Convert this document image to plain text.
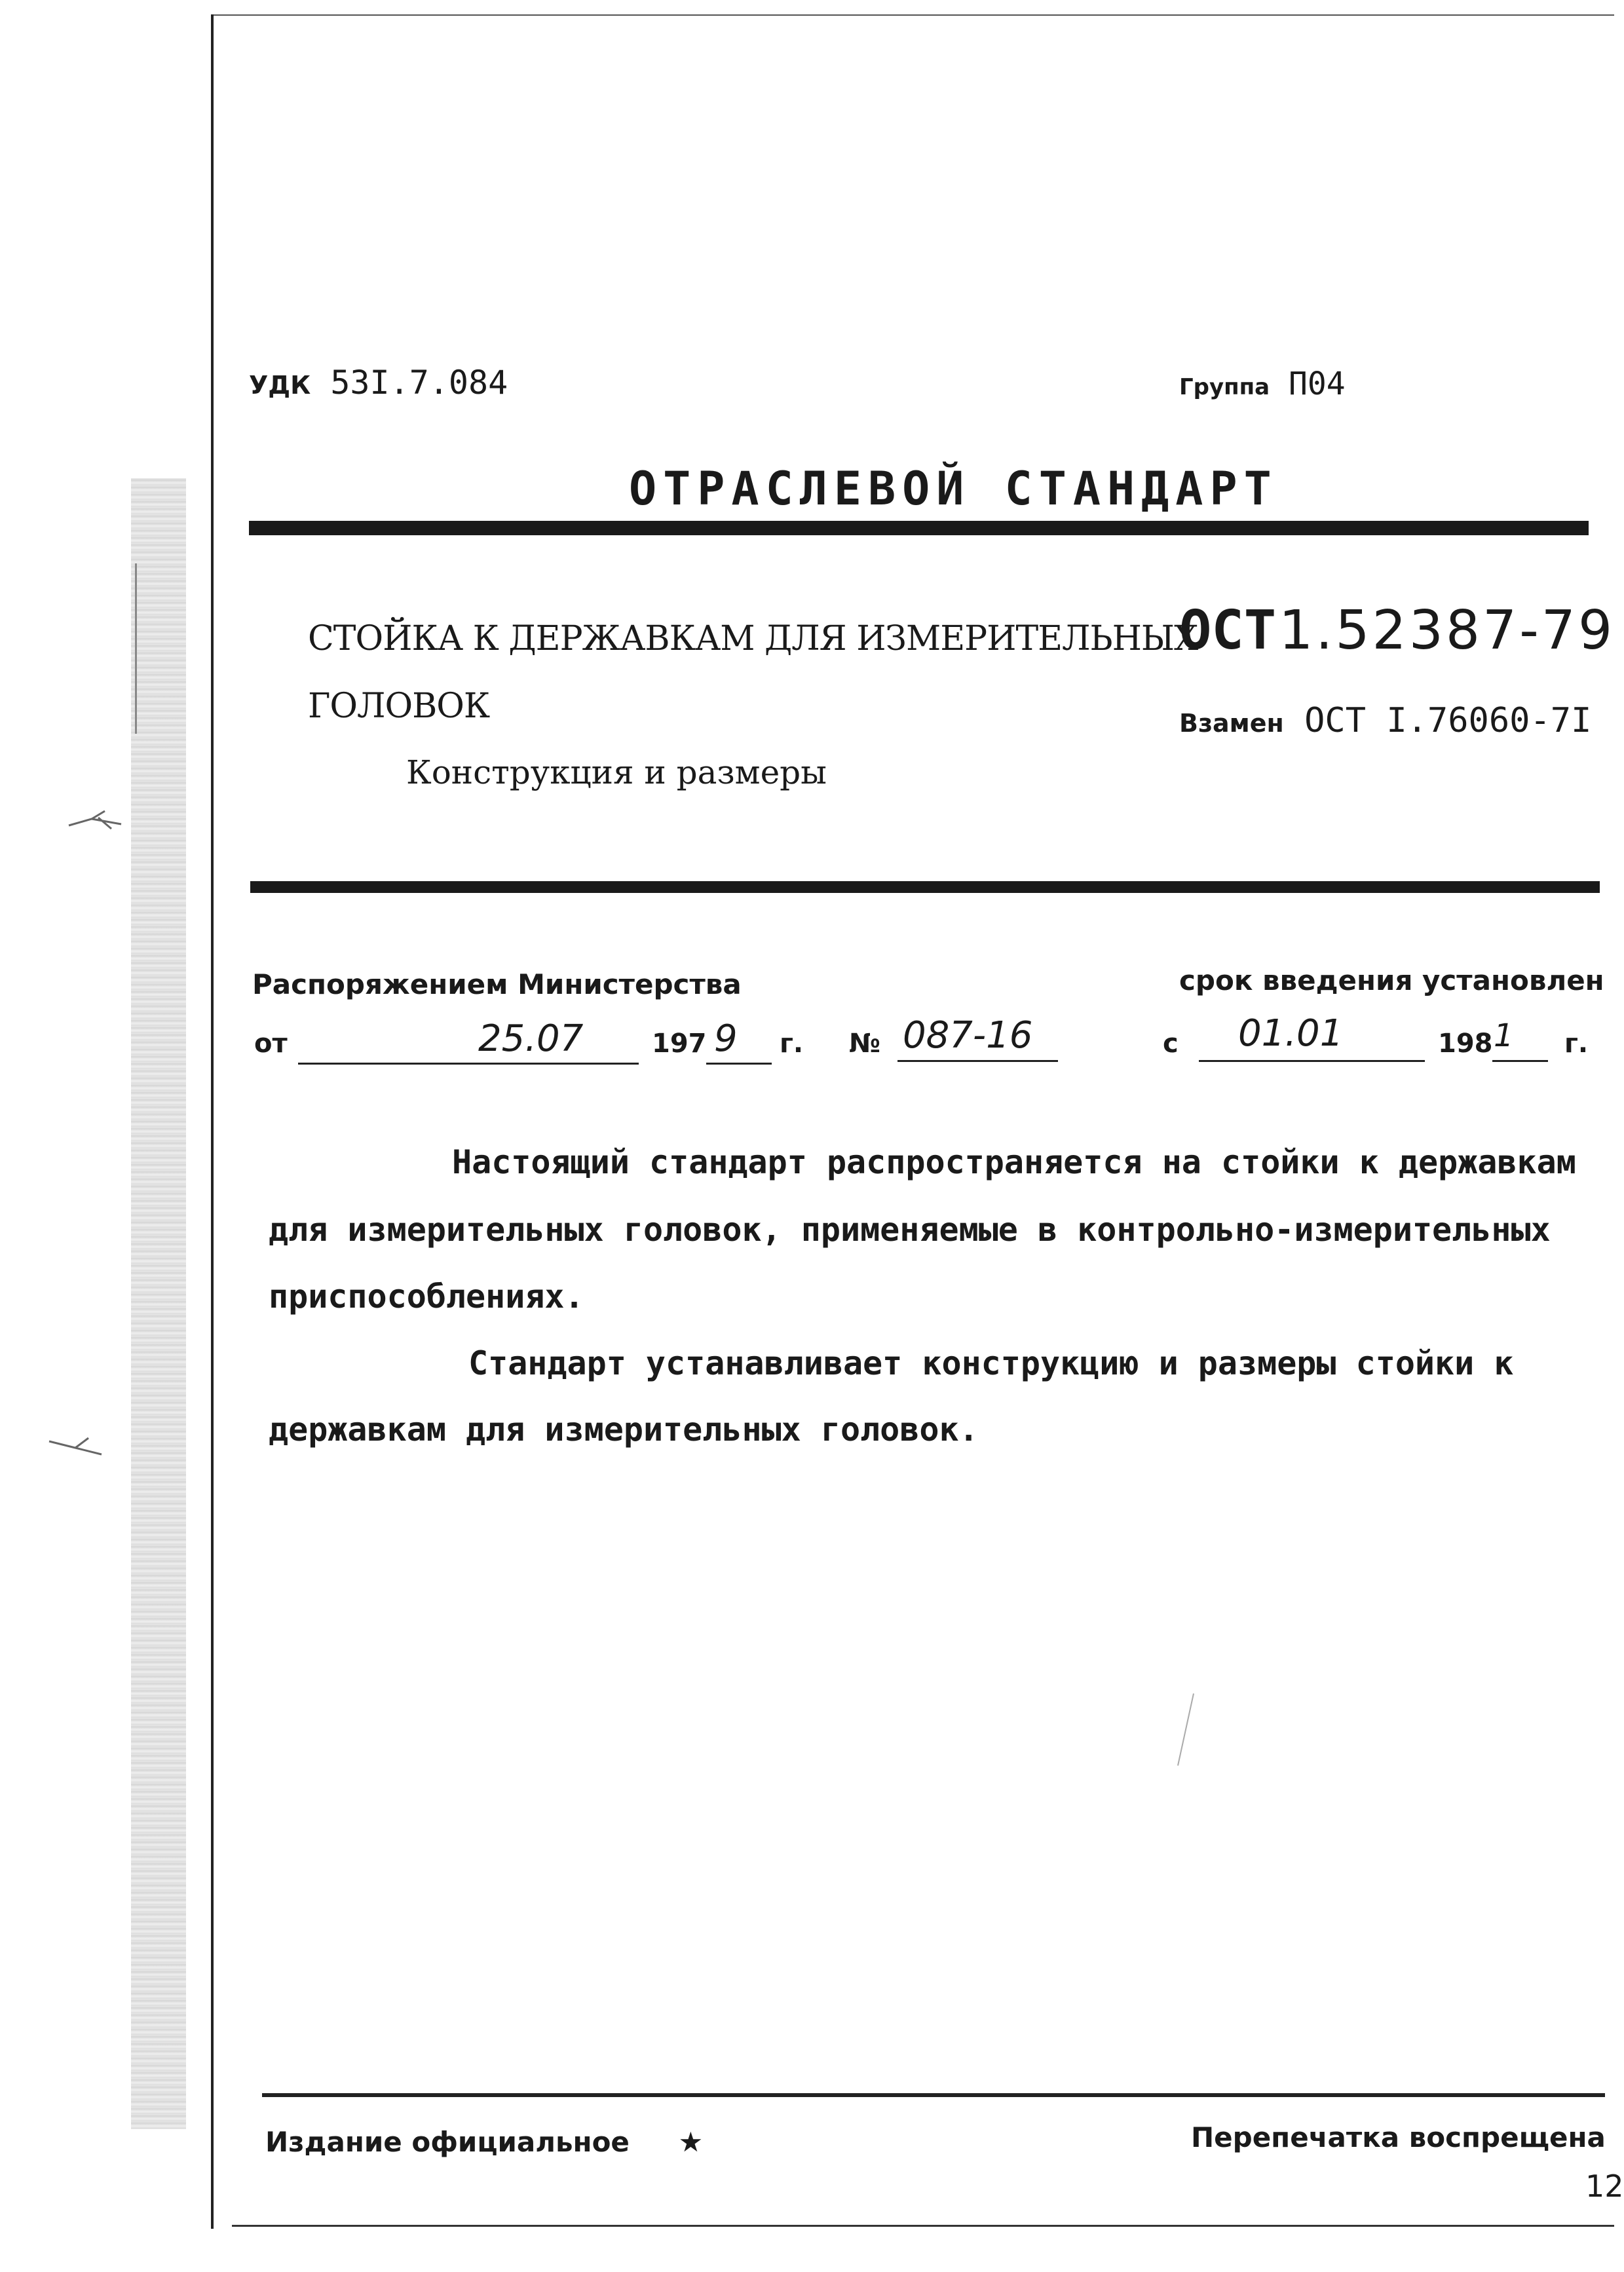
УДК 53I.7.084	Группа П04
ОТРАСЛЕВОЙ СТАНДАРТ
СТОЙКА К ДЕРЖАВКАМ ДЛЯ ИЗМЕРИТЕЛЬНЫХ
ГОЛОВОК
Конструкция и размеры
ОСТ 1.52387-79
Взамен ОСТ I.76060-7I
Распоряжением Министерства	срок введения установлен
от	25.07	197 9 г. № 087-16	с 01.01	198 1 г.
Настоящий стандарт распространяется на стойки к державкам
для измерительных головок, применяемые в контрольно-измерительных
приспособлениях.
Стандарт устанавливает конструкцию и размеры стойки к
державкам для измерительных головок.
Издание официальное ★	Перепечатка воспрещена
12
